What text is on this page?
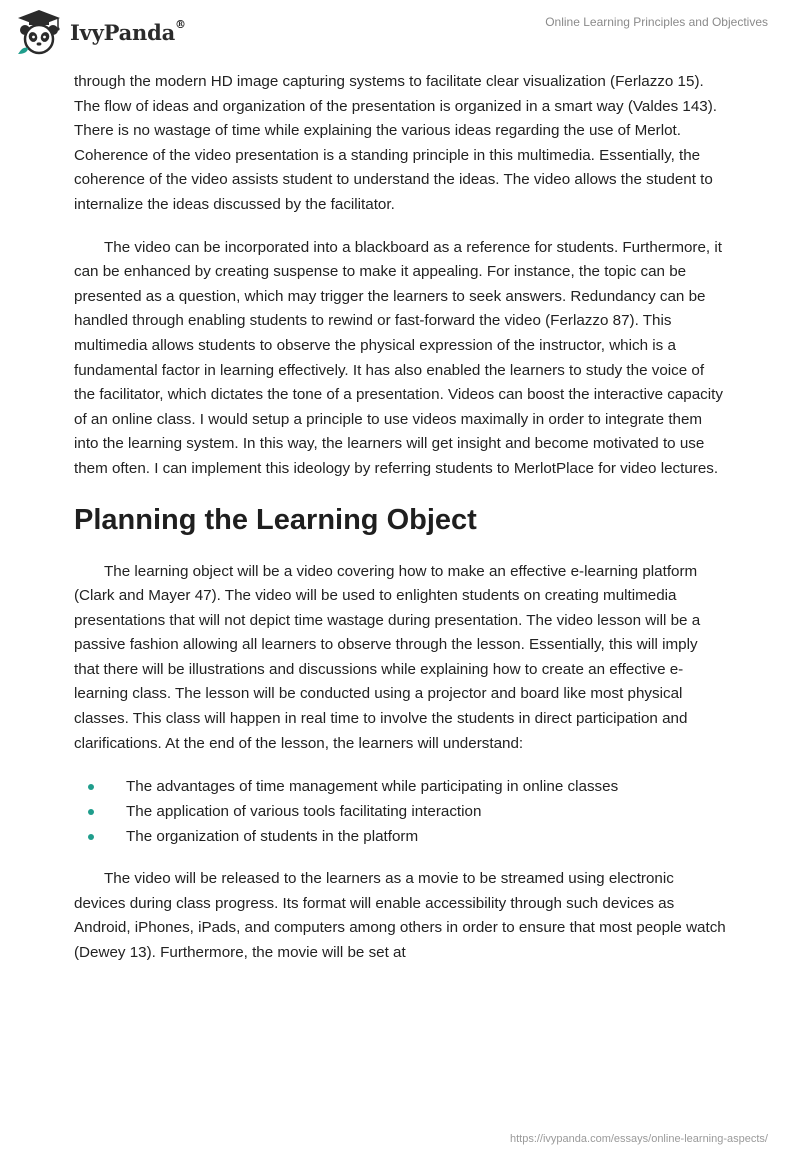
IvyPanda®	Online Learning Principles and Objectives

through the modern HD image capturing systems to facilitate clear visualization (Ferlazzo 15). The flow of ideas and organization of the presentation is organized in a smart way (Valdes 143). There is no wastage of time while explaining the various ideas regarding the use of Merlot. Coherence of the video presentation is a standing principle in this multimedia. Essentially, the coherence of the video assists student to understand the ideas. The video allows the student to internalize the ideas discussed by the facilitator.

The video can be incorporated into a blackboard as a reference for students. Furthermore, it can be enhanced by creating suspense to make it appealing. For instance, the topic can be presented as a question, which may trigger the learners to seek answers. Redundancy can be handled through enabling students to rewind or fast-forward the video (Ferlazzo 87). This multimedia allows students to observe the physical expression of the instructor, which is a fundamental factor in learning effectively. It has also enabled the learners to study the voice of the facilitator, which dictates the tone of a presentation. Videos can boost the interactive capacity of an online class. I would setup a principle to use videos maximally in order to integrate them into the learning system. In this way, the learners will get insight and become motivated to use them often. I can implement this ideology by referring students to MerlotPlace for video lectures.

Planning the Learning Object

The learning object will be a video covering how to make an effective e-learning platform (Clark and Mayer 47). The video will be used to enlighten students on creating multimedia presentations that will not depict time wastage during presentation. The video lesson will be a passive fashion allowing all learners to observe through the lesson. Essentially, this will imply that there will be illustrations and discussions while explaining how to create an effective e-learning class. The lesson will be conducted using a projector and board like most physical classes. This class will happen in real time to involve the students in direct participation and clarifications. At the end of the lesson, the learners will understand:

The advantages of time management while participating in online classes
The application of various tools facilitating interaction
The organization of students in the platform

The video will be released to the learners as a movie to be streamed using electronic devices during class progress. Its format will enable accessibility through such devices as Android, iPhones, iPads, and computers among others in order to ensure that most people watch (Dewey 13). Furthermore, the movie will be set at

https://ivypanda.com/essays/online-learning-aspects/
